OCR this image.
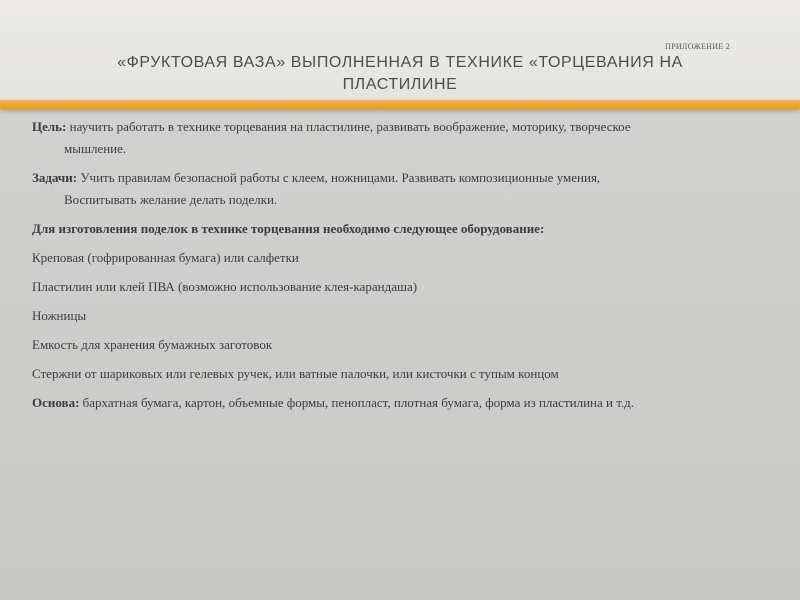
ПРИЛОЖЕНИЕ 2
«ФРУКТОВАЯ ВАЗА» ВЫПОЛНЕННАЯ В ТЕХНИКЕ «ТОРЦЕВАНИЯ НА
ПЛАСТИЛИНЕ
Цель: научить работать в технике торцевания на пластилине, развивать воображение, моторику, творческое
мышление.
Задачи: Учить правилам безопасной работы с клеем, ножницами. Развивать композиционные умения,
Воспитывать желание делать поделки.
Для изготовления поделок в технике торцевания необходимо следующее оборудование:
Креповая (гофрированная бумага) или салфетки
Пластилин или клей ПВА (возможно использование клея-карандаша)
Ножницы
Емкость для хранения бумажных заготовок
Стержни от шариковых или гелевых ручек, или ватные палочки, или кисточки с тупым концом
Основа: бархатная бумага, картон, объемные формы, пенопласт, плотная бумага, форма из пластилина и т.д.
